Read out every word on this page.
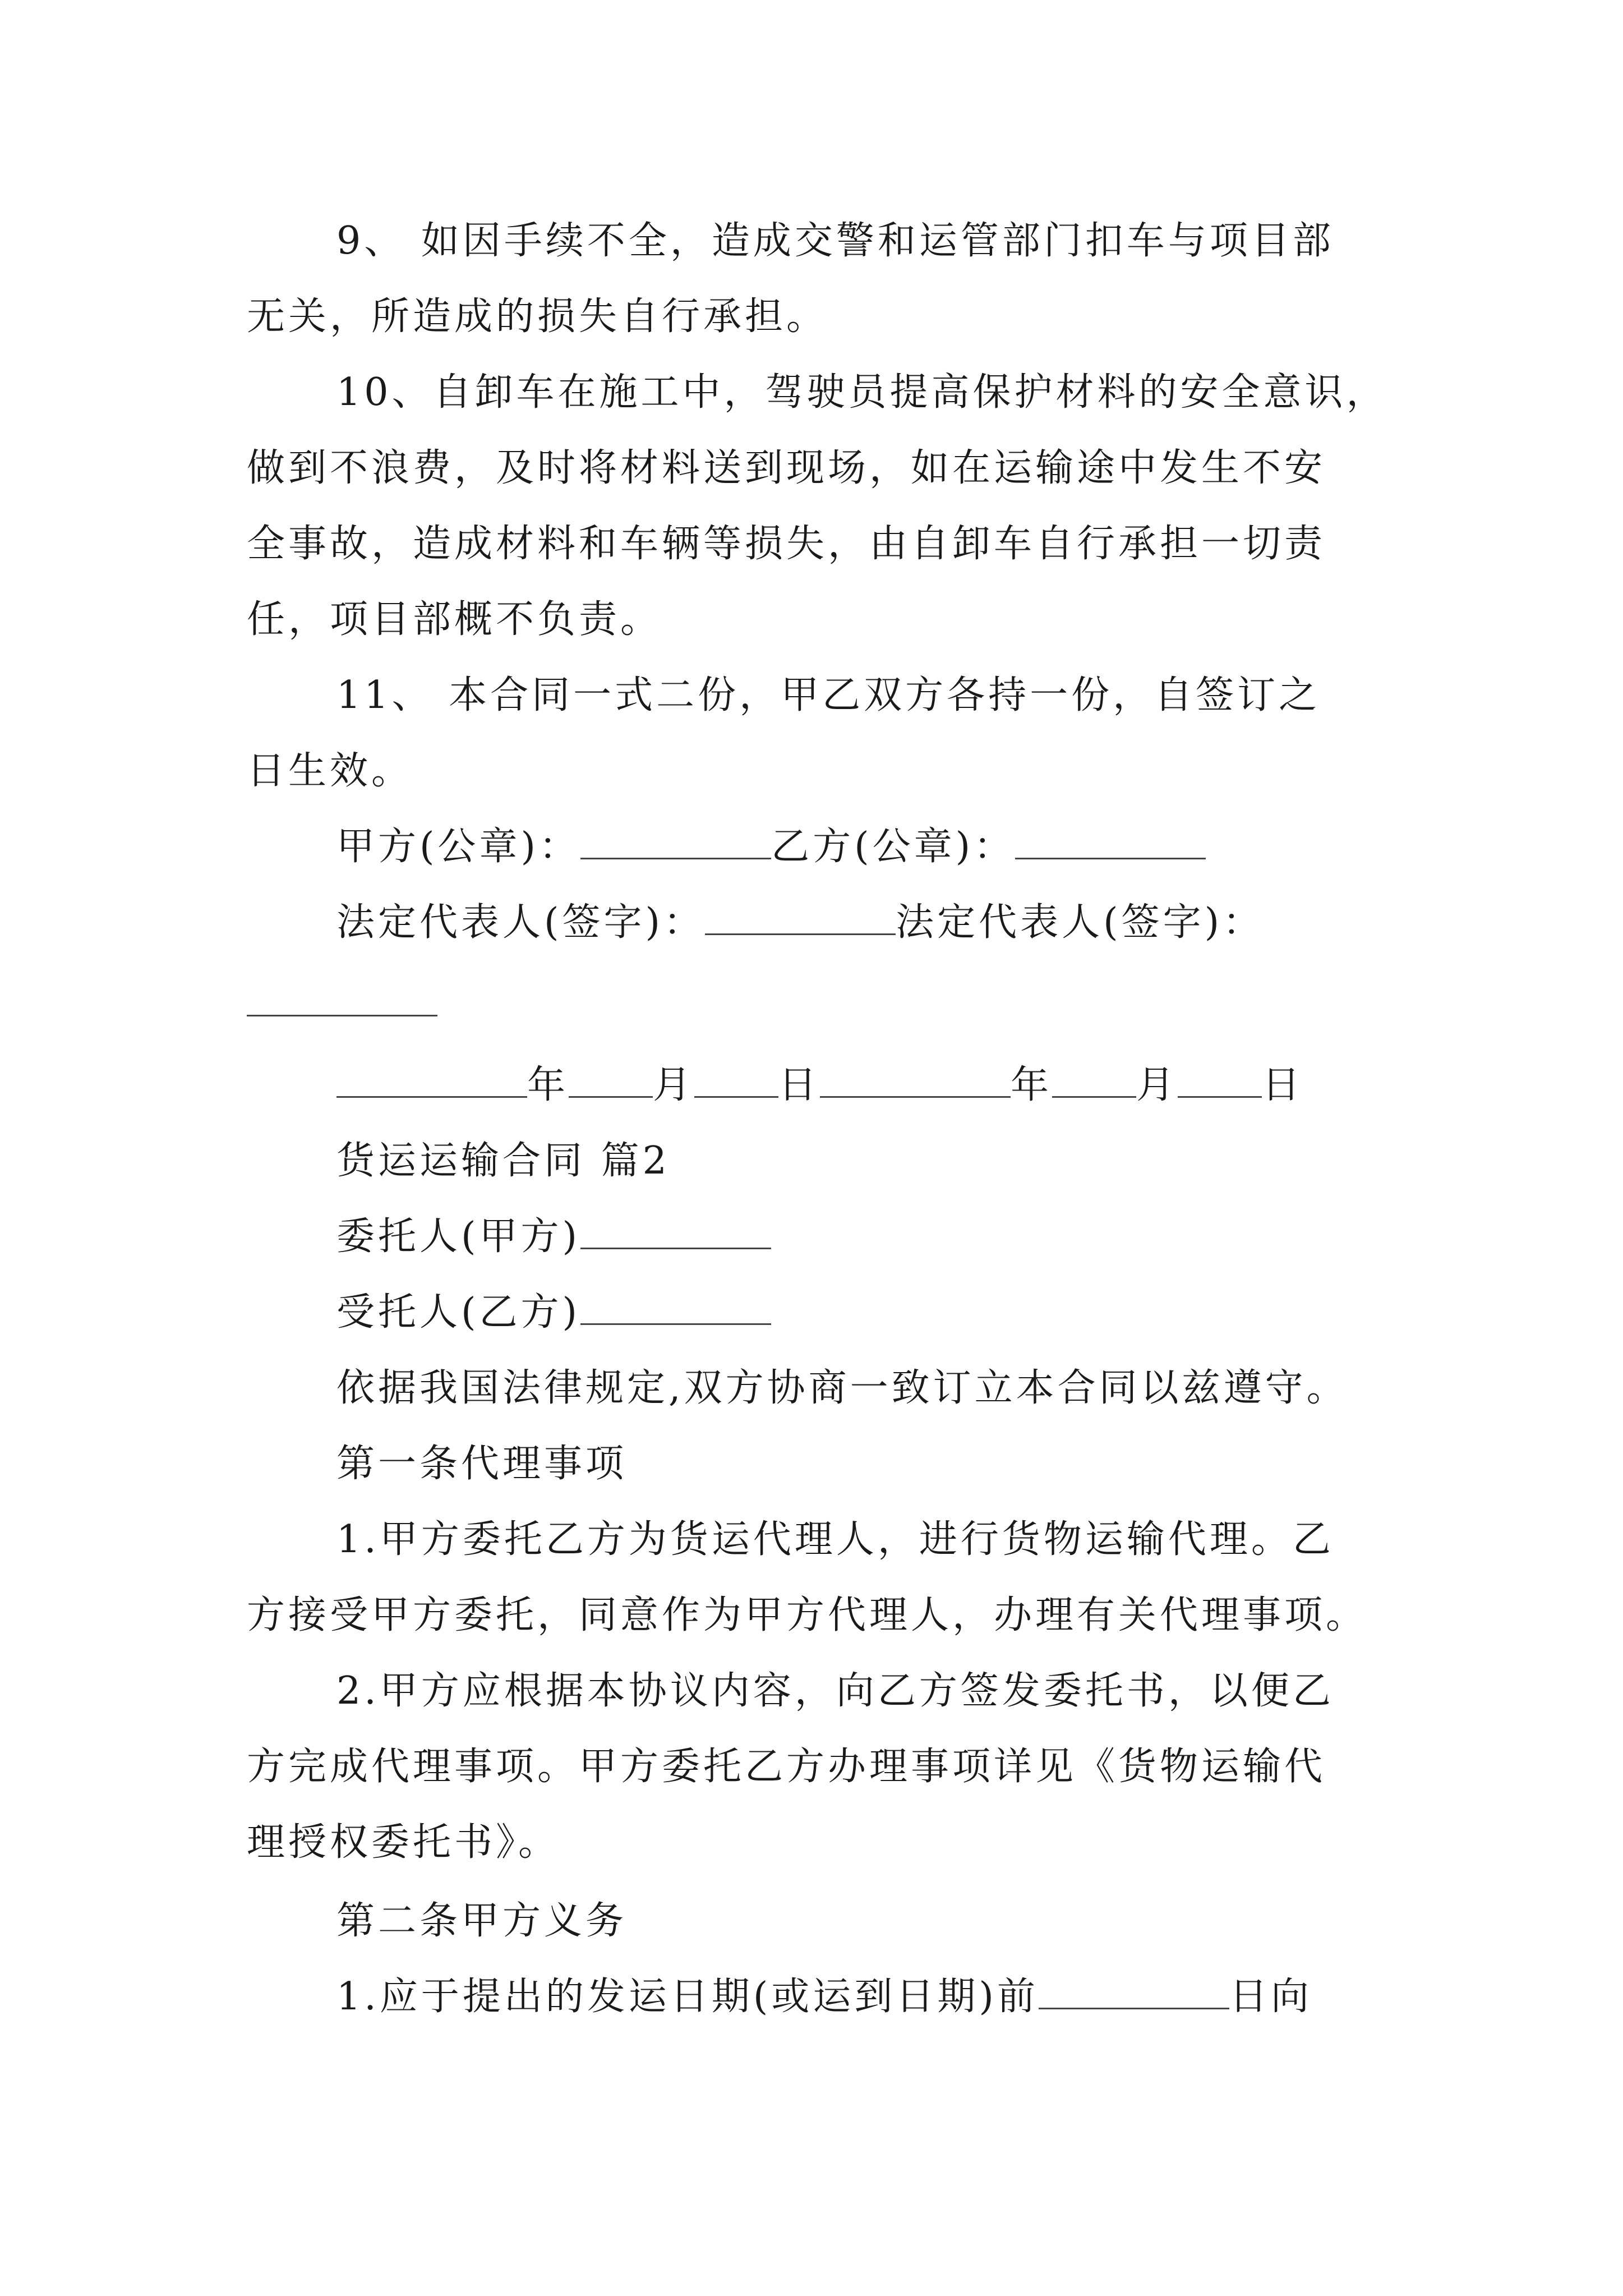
9、 如因手续不全，造成交警和运管部门扣车与项目部
无关，所造成的损失自行承担。
10、自卸车在施工中，驾驶员提高保护材料的安全意识，
做到不浪费，及时将材料送到现场，如在运输途中发生不安
全事故，造成材料和车辆等损失，由自卸车自行承担一切责
任，项目部概不负责。
11、 本合同一式二份，甲乙双方各持一份，自签订之
日生效。
甲方(公章)：	乙方(公章)：
法定代表人(签字)：	法定代表人(签字)：
年 月 日	年 月 日
货运运输合同 篇2
委托人(甲方)
受托人(乙方)
依据我国法律规定,双方协商一致订立本合同以兹遵守。
第一条代理事项
1.甲方委托乙方为货运代理人，进行货物运输代理。乙
方接受甲方委托，同意作为甲方代理人，办理有关代理事项。
2.甲方应根据本协议内容，向乙方签发委托书，以便乙
方完成代理事项。甲方委托乙方办理事项详见《货物运输代
理授权委托书》。
第二条甲方义务
1.应于提出的发运日期(或运到日期)前	日向
